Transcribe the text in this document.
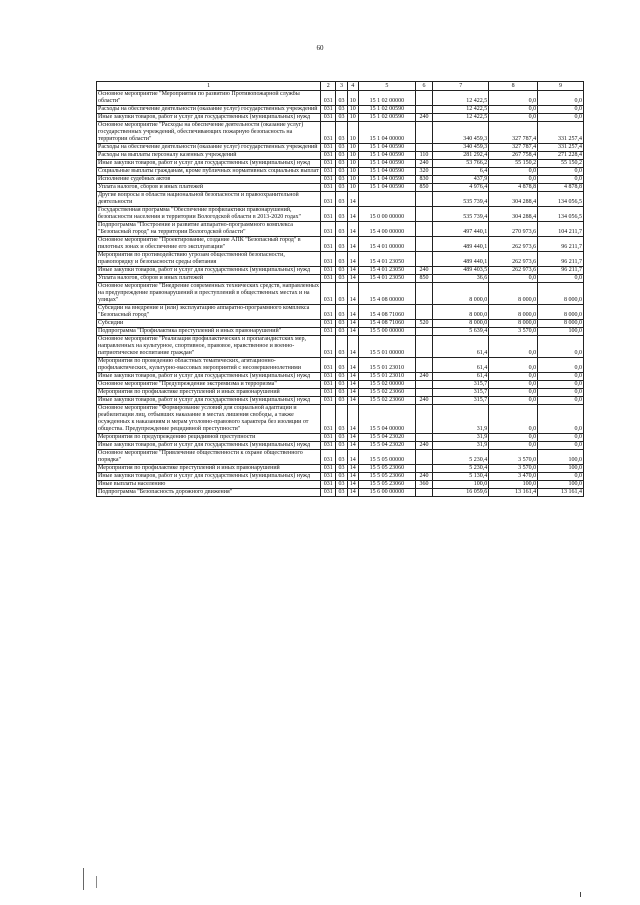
60
1	2	3	4	5	6	7	8	9
Основное мероприятие "Мероприятия по развитию Противопожарной службы области"	031	03	10	15 1 02 00000		12 422,5	0,0	0,0
Расходы на обеспечение деятельности (оказание услуг) государственных учреждений	031	03	10	15 1 02 00590		12 422,5	0,0	0,0
Иные закупки товаров, работ и услуг для государственных (муниципальных) нужд	031	03	10	15 1 02 00590	240	12 422,5	0,0	0,0
Основное мероприятие "Расходы на обеспечение деятельности (оказание услуг) государственных учреждений, обеспечивающих пожарную безопасность на территории области"	031	03	10	15 1 04 00000		340 459,3	327 787,4	331 257,4
Расходы на обеспечение деятельности (оказание услуг) государственных учреждений	031	03	10	15 1 04 00590		340 459,3	327 787,4	331 257,4
Расходы на выплаты персоналу казенных учреждений	031	03	10	15 1 04 00590	110	281 292,4	267 758,4	271 228,4
Иные закупки товаров, работ и услуг для государственных (муниципальных) нужд	031	03	10	15 1 04 00590	240	53 766,2	55 150,2	55 150,2
Социальные выплаты гражданам, кроме публичных нормативных социальных выплат	031	03	10	15 1 04 00590	320	6,4	0,0	0,0
Исполнение судебных актов	031	03	10	15 1 04 00590	830	437,9	0,0	0,0
Уплата налогов, сборов и иных платежей	031	03	10	15 1 04 00590	850	4 976,4	4 878,8	4 878,8
Другие вопросы в области национальной безопасности и правоохранительной деятельности	031	03	14			535 739,4	304 288,4	134 056,5
Государственная программа "Обеспечение профилактики правонарушений, безопасности населения и территории Вологодской области в 2013-2020 годах"	031	03	14	15 0 00 00000		535 739,4	304 288,4	134 056,5
Подпрограмма "Построение и развитие аппаратно-программного комплекса "Безопасный город" на территории Вологодской области"	031	03	14	15 4 00 00000		497 440,1	270 973,6	104 211,7
Основное мероприятие "Проектирование, создание АПК "Безопасный город" в пилотных зонах и обеспечение его эксплуатации"	031	03	14	15 4 01 00000		489 440,1	262 973,6	96 211,7
Мероприятия по противодействию угрозам общественной безопасности, правопорядку и безопасности среды обитания	031	03	14	15 4 01 23050		489 440,1	262 973,6	96 211,7
Иные закупки товаров, работ и услуг для государственных (муниципальных) нужд	031	03	14	15 4 01 23050	240	489 403,5	262 973,6	96 211,7
Уплата налогов, сборов и иных платежей	031	03	14	15 4 01 23050	850	36,6	0,0	0,0
Основное мероприятие "Внедрение современных технических средств, направленных на предупреждение правонарушений и преступлений в общественных местах и на улицах"	031	03	14	15 4 08 00000		8 000,0	8 000,0	8 000,0
Субсидии на внедрение и (или) эксплуатацию аппаратно-программного комплекса "Безопасный город"	031	03	14	15 4 08 71060		8 000,0	8 000,0	8 000,0
Субсидии	031	03	14	15 4 08 71060	520	8 000,0	8 000,0	8 000,0
Подпрограмма "Профилактика преступлений и иных правонарушений"	031	03	14	15 5 00 00000		5 639,4	3 570,0	100,0
Основное мероприятие "Реализация профилактических и пропагандистских мер, направленных на культурное, спортивное, правовое, нравственное и военно-патриотическое воспитание граждан"	031	03	14	15 5 01 00000		61,4	0,0	0,0
Мероприятия по проведению областных тематических, агитационно-профилактических, культурно-массовых мероприятий с несовершеннолетними	031	03	14	15 5 01 23010		61,4	0,0	0,0
Иные закупки товаров, работ и услуг для государственных (муниципальных) нужд	031	03	14	15 5 01 23010	240	61,4	0,0	0,0
Основное мероприятие "Предупреждение экстремизма и терроризма"	031	03	14	15 5 02 00000		315,7	0,0	0,0
Мероприятия по профилактике преступлений и иных правонарушений	031	03	14	15 5 02 23060		315,7	0,0	0,0
Иные закупки товаров, работ и услуг для государственных (муниципальных) нужд	031	03	14	15 5 02 23060	240	315,7	0,0	0,0
Основное мероприятие "Формирование условий для социальной адаптации и реабилитации лиц, отбывших наказание в местах лишения свободы, а также осужденных к наказаниям и мерам уголовно-правового характера без изоляции от общества. Предупреждение рецидивной преступности"	031	03	14	15 5 04 00000		31,9	0,0	0,0
Мероприятия по предупреждению рецидивной преступности	031	03	14	15 5 04 23020		31,9	0,0	0,0
Иные закупки товаров, работ и услуг для государственных (муниципальных) нужд	031	03	14	15 5 04 23020	240	31,9	0,0	0,0
Основное мероприятие "Привлечение общественности к охране общественного порядка"	031	03	14	15 5 05 00000		5 230,4	3 570,0	100,0
Мероприятия по профилактике преступлений и иных правонарушений	031	03	14	15 5 05 23060		5 230,4	3 570,0	100,0
Иные закупки товаров, работ и услуг для государственных (муниципальных) нужд	031	03	14	15 5 05 23060	240	5 130,4	3 470,0	0,0
Иные выплаты населению	031	03	14	15 5 05 23060	360	100,0	100,0	100,0
Подпрограмма "Безопасность дорожного движения"	031	03	14	15 6 00 00000		16 059,6	13 161,4	13 161,4
